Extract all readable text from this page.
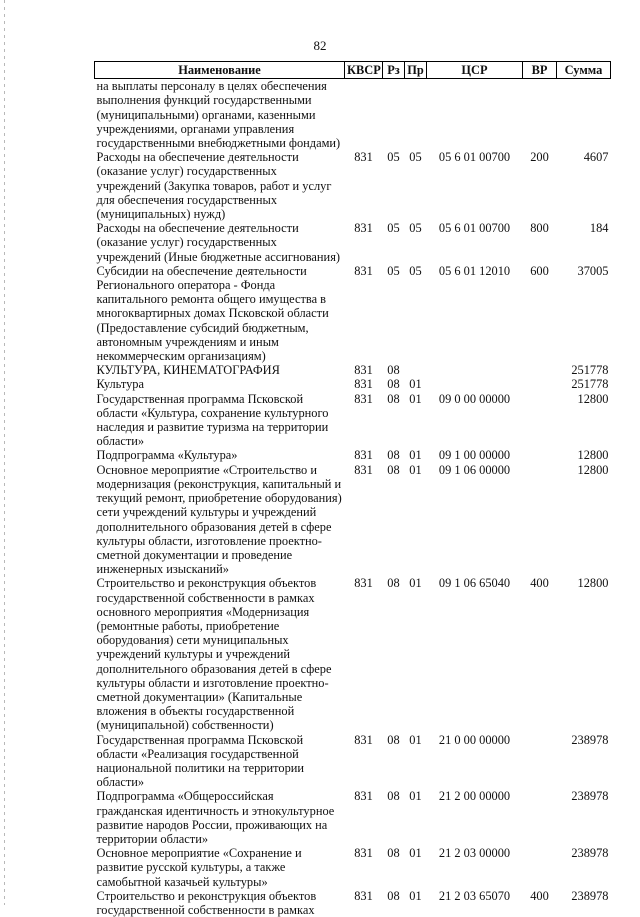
82
Наименование	КВСР	Рз	Пр	ЦСР	ВР	Сумма
на выплаты персоналу в целях обеспечения выполнения функций государственными (муниципальными) органами, казенными учреждениями, органами управления государственными внебюджетными фондами)						
Расходы на обеспечение деятельности (оказание услуг) государственных учреждений (Закупка товаров, работ и услуг для обеспечения государственных (муниципальных) нужд)	831	05	05	05 6 01 00700	200	4607
Расходы на обеспечение деятельности (оказание услуг) государственных учреждений (Иные бюджетные ассигнования)	831	05	05	05 6 01 00700	800	184
Субсидии на обеспечение деятельности Регионального оператора - Фонда капитального ремонта общего имущества в многоквартирных домах Псковской области (Предоставление субсидий бюджетным, автономным учреждениям и иным некоммерческим организациям)	831	05	05	05 6 01 12010	600	37005
КУЛЬТУРА, КИНЕМАТОГРАФИЯ	831	08				251778
Культура	831	08	01			251778
Государственная программа Псковской области «Культура, сохранение культурного наследия и развитие туризма на территории области»	831	08	01	09 0 00 00000		12800
Подпрограмма «Культура»	831	08	01	09 1 00 00000		12800
Основное мероприятие «Строительство и модернизация (реконструкция, капитальный и текущий ремонт, приобретение оборудования) сети учреждений культуры и учреждений дополнительного образования детей в сфере культуры области, изготовление проектно-сметной документации и проведение инженерных изысканий»	831	08	01	09 1 06 00000		12800
Строительство и реконструкция объектов государственной собственности в рамках основного мероприятия «Модернизация (ремонтные работы, приобретение оборудования) сети муниципальных учреждений культуры и учреждений дополнительного образования детей в сфере культуры области и изготовление проектно-сметной документации» (Капитальные вложения в объекты государственной (муниципальной) собственности)	831	08	01	09 1 06 65040	400	12800
Государственная программа Псковской области «Реализация государственной национальной политики на территории области»	831	08	01	21 0 00 00000		238978
Подпрограмма «Общероссийская гражданская идентичность и этнокультурное развитие народов России, проживающих на территории области»	831	08	01	21 2 00 00000		238978
Основное мероприятие «Сохранение и развитие русской культуры, а также самобытной казачьей культуры»	831	08	01	21 2 03 00000		238978
Строительство и реконструкция объектов государственной собственности в рамках	831	08	01	21 2 03 65070	400	238978
